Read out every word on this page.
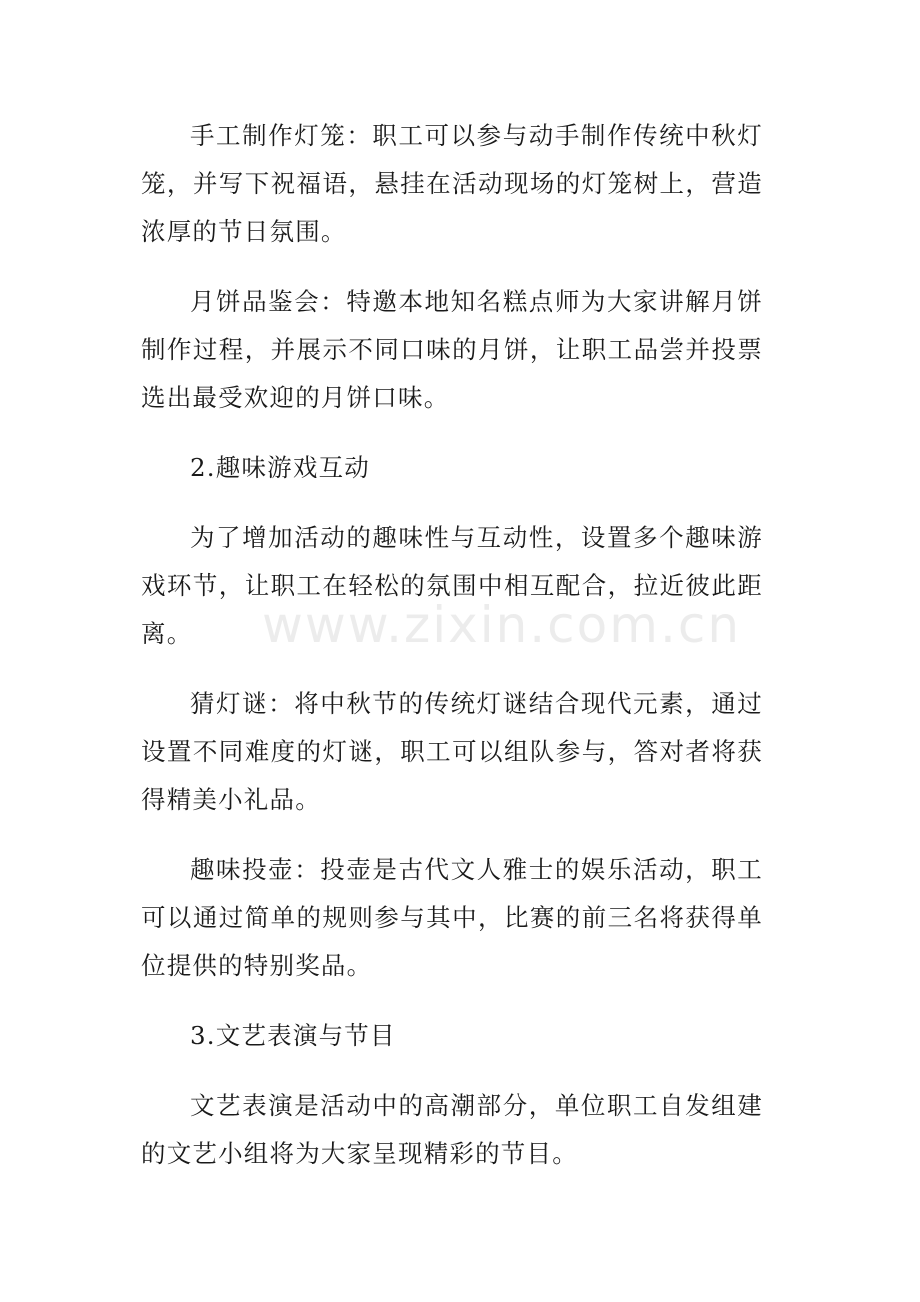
手工制作灯笼：职工可以参与动手制作传统中秋灯笼，并写下祝福语，悬挂在活动现场的灯笼树上，营造浓厚的节日氛围。

月饼品鉴会：特邀本地知名糕点师为大家讲解月饼制作过程，并展示不同口味的月饼，让职工品尝并投票选出最受欢迎的月饼口味。

2.趣味游戏互动

为了增加活动的趣味性与互动性，设置多个趣味游戏环节，让职工在轻松的氛围中相互配合，拉近彼此距离。

猜灯谜：将中秋节的传统灯谜结合现代元素，通过设置不同难度的灯谜，职工可以组队参与，答对者将获得精美小礼品。

趣味投壶：投壶是古代文人雅士的娱乐活动，职工可以通过简单的规则参与其中，比赛的前三名将获得单位提供的特别奖品。

3.文艺表演与节目

文艺表演是活动中的高潮部分，单位职工自发组建的文艺小组将为大家呈现精彩的节目。

www.zixin.com.cn
